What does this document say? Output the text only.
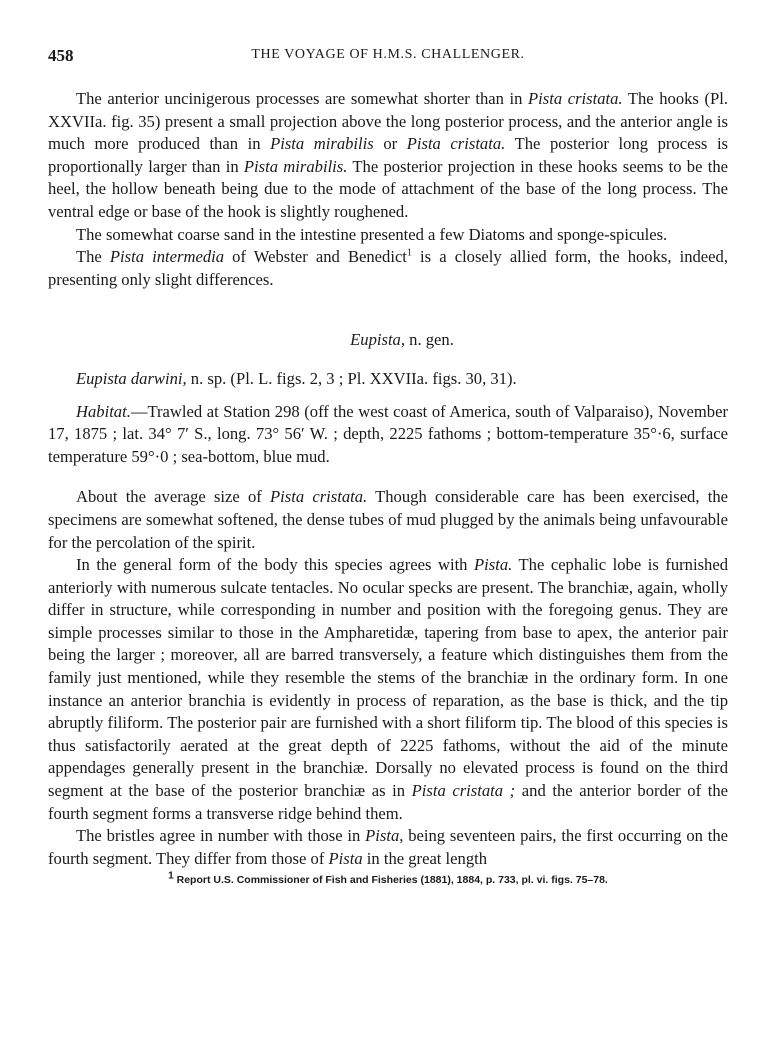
458	THE VOYAGE OF H.M.S. CHALLENGER.

The anterior uncinigerous processes are somewhat shorter than in Pista cristata. The hooks (Pl. XXVIIa. fig. 35) present a small projection above the long posterior process, and the anterior angle is much more produced than in Pista mirabilis or Pista cristata. The posterior long process is proportionally larger than in Pista mirabilis. The posterior projection in these hooks seems to be the heel, the hollow beneath being due to the mode of attachment of the base of the long process. The ventral edge or base of the hook is slightly roughened.

The somewhat coarse sand in the intestine presented a few Diatoms and sponge-spicules.

The Pista intermedia of Webster and Benedict$^1$ is a closely allied form, the hooks, indeed, presenting only slight differences.

Eupista, n. gen.

Eupista darwini, n. sp. (Pl. L. figs. 2, 3 ; Pl. XXVIIa. figs. 30, 31).

Habitat.—Trawled at Station 298 (off the west coast of America, south of Valparaiso), November 17, 1875 ; lat. 34° 7′ S., long. 73° 56′ W. ; depth, 2225 fathoms ; bottom-temperature 35°·6, surface temperature 59°·0 ; sea-bottom, blue mud.

About the average size of Pista cristata. Though considerable care has been exercised, the specimens are somewhat softened, the dense tubes of mud plugged by the animals being unfavourable for the percolation of the spirit.

In the general form of the body this species agrees with Pista. The cephalic lobe is furnished anteriorly with numerous sulcate tentacles. No ocular specks are present. The branchiæ, again, wholly differ in structure, while corresponding in number and position with the foregoing genus. They are simple processes similar to those in the Ampharetidæ, tapering from base to apex, the anterior pair being the larger ; moreover, all are barred transversely, a feature which distinguishes them from the family just mentioned, while they resemble the stems of the branchiæ in the ordinary form. In one instance an anterior branchia is evidently in process of reparation, as the base is thick, and the tip abruptly filiform. The posterior pair are furnished with a short filiform tip. The blood of this species is thus satisfactorily aerated at the great depth of 2225 fathoms, without the aid of the minute appendages generally present in the branchiæ. Dorsally no elevated process is found on the third segment at the base of the posterior branchiæ as in Pista cristata ; and the anterior border of the fourth segment forms a transverse ridge behind them.

The bristles agree in number with those in Pista, being seventeen pairs, the first occurring on the fourth segment. They differ from those of Pista in the great length

$^1$ Report U.S. Commissioner of Fish and Fisheries (1881), 1884, p. 733, pl. vi. figs. 75–78.
